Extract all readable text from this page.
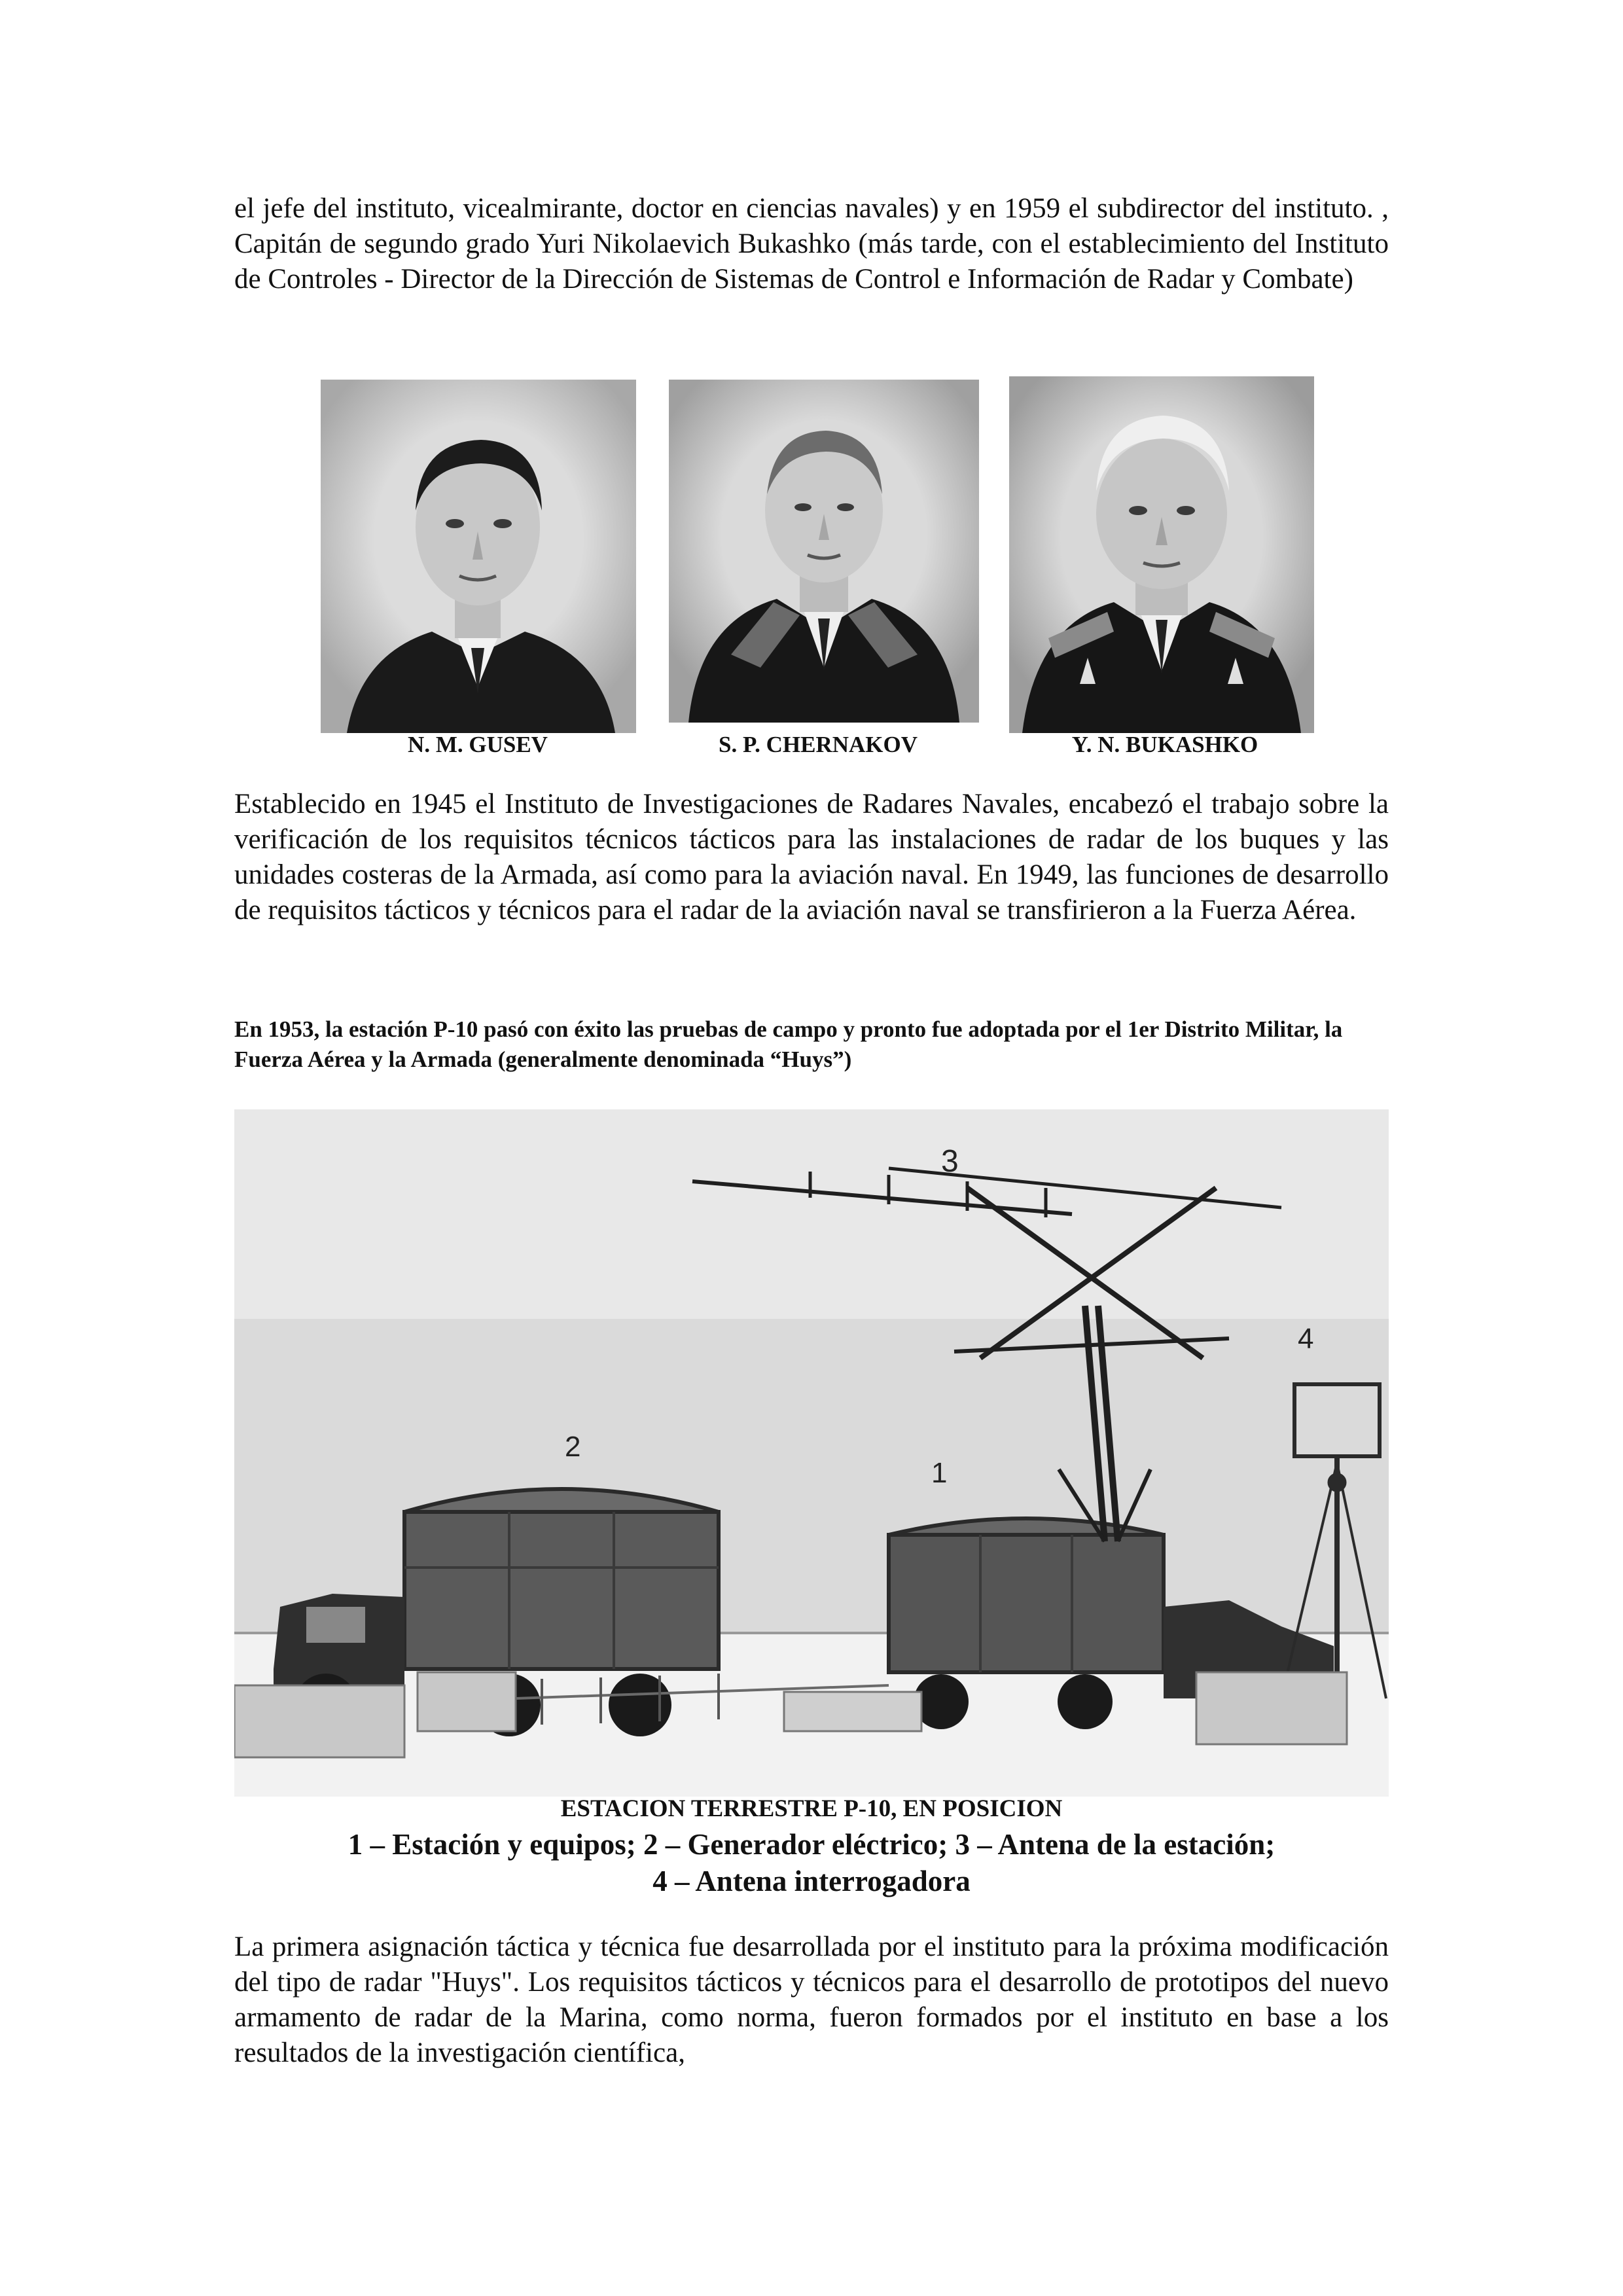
el jefe del instituto, vicealmirante, doctor en ciencias navales) y en 1959 el subdirector del instituto. , Capitán de segundo grado Yuri Nikolaevich Bukashko (más tarde, con el establecimiento del Instituto de Controles - Director de la Dirección de Sistemas de Control e Información de Radar y Combate)

N. M. GUSEV	S. P. CHERNAKOV	Y. N. BUKASHKO

Establecido en 1945 el Instituto de Investigaciones de Radares Navales, encabezó el trabajo sobre la verificación de los requisitos técnicos tácticos para las instalaciones de radar de los buques y las unidades costeras de la Armada, así como para la aviación naval. En 1949, las funciones de desarrollo de requisitos tácticos y técnicos para el radar de la aviación naval se transfirieron a la Fuerza Aérea.

En 1953, la estación P-10 pasó con éxito las pruebas de campo y pronto fue adoptada por el 1er Distrito Militar, la Fuerza Aérea y la Armada (generalmente denominada “Huys”)

2
1
3
4

ESTACION TERRESTRE P-10, EN POSICION

1 – Estación y equipos; 2 – Generador eléctrico; 3 – Antena de la estación;
4 – Antena interrogadora

La primera asignación táctica y técnica fue desarrollada por el instituto para la próxima modificación del tipo de radar "Huys". Los requisitos tácticos y técnicos para el desarrollo de prototipos del nuevo armamento de radar de la Marina, como norma, fueron formados por el instituto en base a los resultados de la investigación científica,
